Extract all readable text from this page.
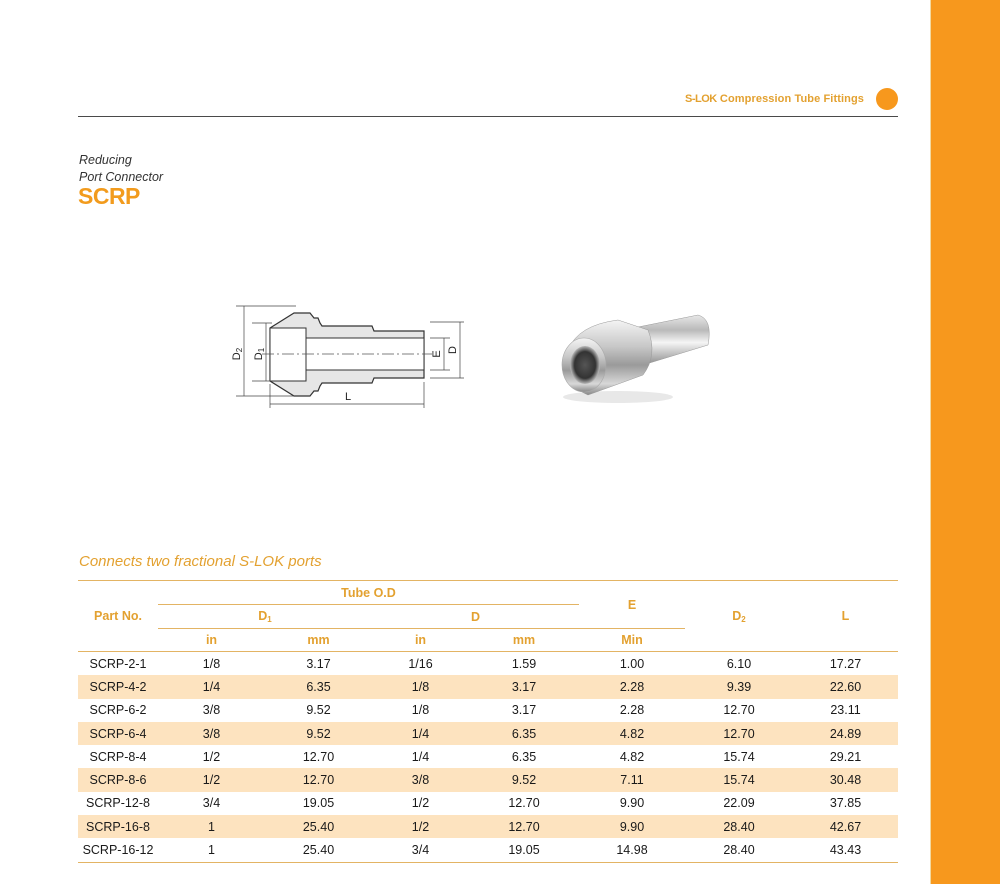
S-LOK Compression Tube Fittings
Reducing
Port Connector
SCRP
D2
D1
E
D
L
Connects two fractional S-LOK ports
Part No.	Tube O.D				E	$D_2$	L
	$D_1$		D				
	in	mm	in	mm	Min		
SCRP-2-1	1/8	3.17	1/16	1.59	1.00	6.10	17.27
SCRP-4-2	1/4	6.35	1/8	3.17	2.28	9.39	22.60
SCRP-6-2	3/8	9.52	1/8	3.17	2.28	12.70	23.11
SCRP-6-4	3/8	9.52	1/4	6.35	4.82	12.70	24.89
SCRP-8-4	1/2	12.70	1/4	6.35	4.82	15.74	29.21
SCRP-8-6	1/2	12.70	3/8	9.52	7.11	15.74	30.48
SCRP-12-8	3/4	19.05	1/2	12.70	9.90	22.09	37.85
SCRP-16-8	1	25.40	1/2	12.70	9.90	28.40	42.67
SCRP-16-12	1	25.40	3/4	19.05	14.98	28.40	43.43
